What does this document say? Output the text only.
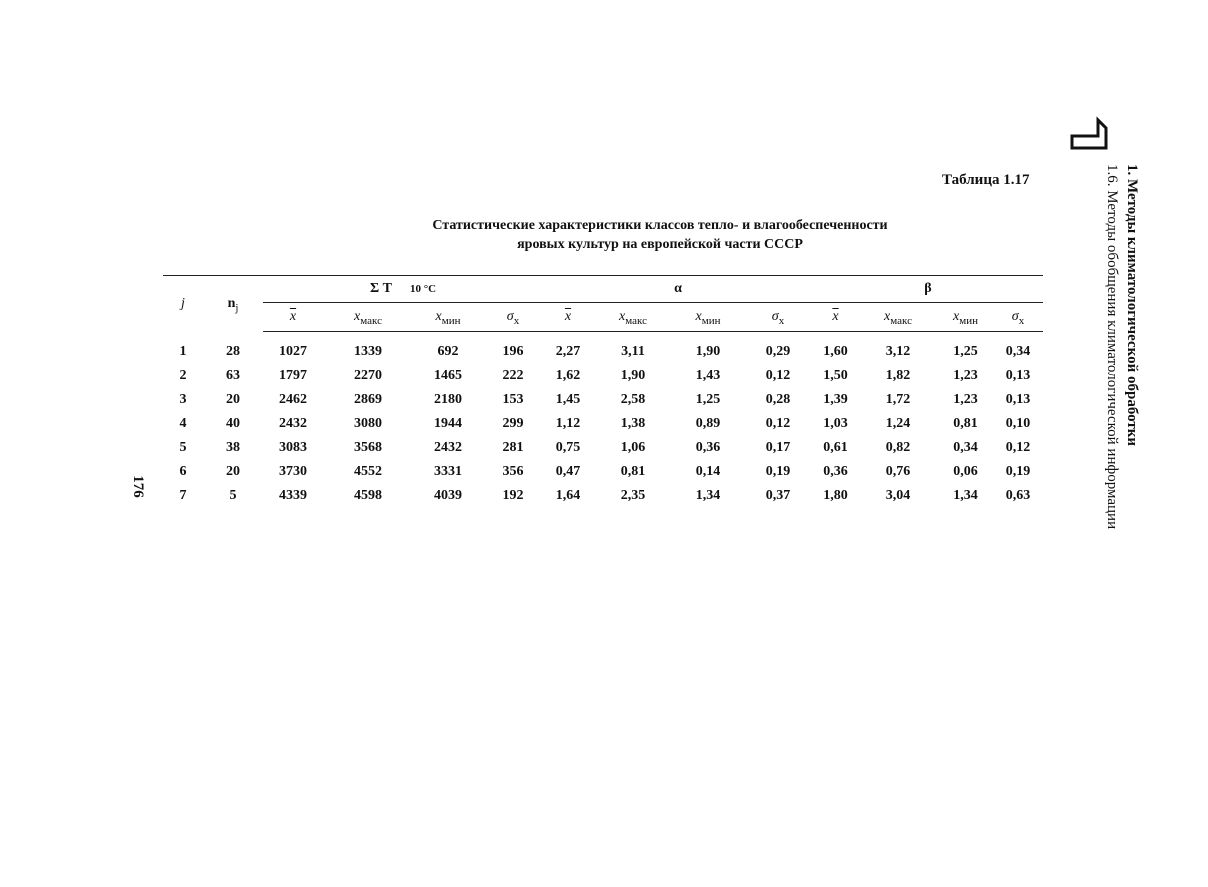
176
Таблица 1.17
Статистические характеристики классов тепло- и влагообеспеченности
яровых культур на европейской части СССР
j	$n_j$	Σ T 10 °C				α				β			
		$\overline{x}$	$x_{макс}$	$x_{мин}$	$\sigma_x$	$\overline{x}$	$x_{макс}$	$x_{мин}$	$\sigma_x$	$\overline{x}$	$x_{макс}$	$x_{мин}$	$\sigma_x$
1	28	1027	1339	692	196	2,27	3,11	1,90	0,29	1,60	3,12	1,25	0,34
2	63	1797	2270	1465	222	1,62	1,90	1,43	0,12	1,50	1,82	1,23	0,13
3	20	2462	2869	2180	153	1,45	2,58	1,25	0,28	1,39	1,72	1,23	0,13
4	40	2432	3080	1944	299	1,12	1,38	0,89	0,12	1,03	1,24	0,81	0,10
5	38	3083	3568	2432	281	0,75	1,06	0,36	0,17	0,61	0,82	0,34	0,12
6	20	3730	4552	3331	356	0,47	0,81	0,14	0,19	0,36	0,76	0,06	0,19
7	5	4339	4598	4039	192	1,64	2,35	1,34	0,37	1,80	3,04	1,34	0,63
1. Методы климатологической обработки
1.6. Методы обобщения климатологической информации
